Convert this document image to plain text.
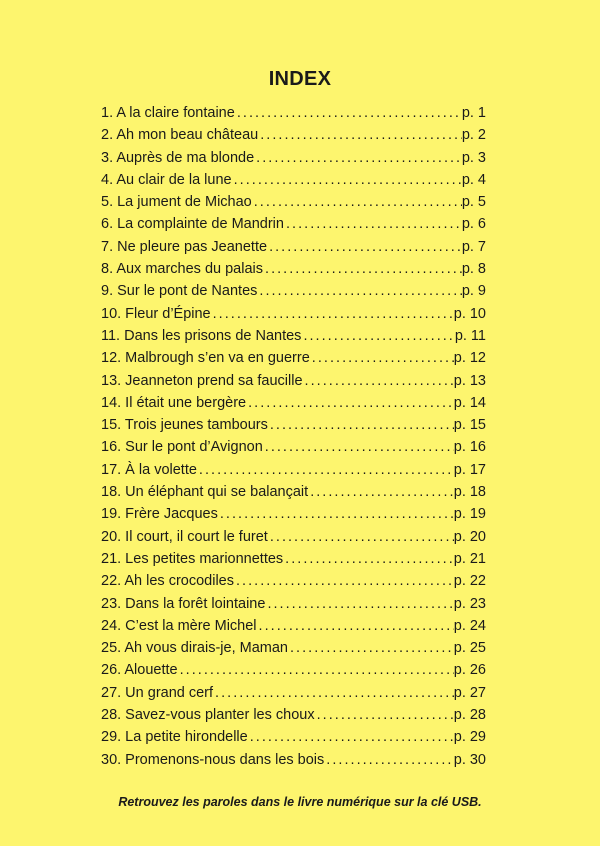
INDEX
1. A la claire fontaine . . .	p. 1
2. Ah mon beau château . . .	p. 2
3. Auprès de ma blonde . . .	p. 3
4. Au clair de la lune . . .	p. 4
5. La jument de Michao . . .	p. 5
6. La complainte de Mandrin . . .	p. 6
7. Ne pleure pas Jeanette . . .	p. 7
8. Aux marches du palais . . .	p. 8
9. Sur le pont de Nantes . . .	p. 9
10. Fleur d’Épine . . .	p. 10
11. Dans les prisons de Nantes . . .	p. 11
12. Malbrough s’en va en guerre . . .	p. 12
13. Jeanneton prend sa faucille . . .	p. 13
14. Il était une bergère . . .	p. 14
15. Trois jeunes tambours . . .	p. 15
16. Sur le pont d’Avignon . . .	p. 16
17. À la volette . . .	p. 17
18. Un éléphant qui se balançait . . .	p. 18
19. Frère Jacques . . .	p. 19
20. Il court, il court le furet . . .	p. 20
21. Les petites marionnettes . . .	p. 21
22. Ah les crocodiles . . .	p. 22
23. Dans la forêt lointaine . . .	p. 23
24. C’est la mère Michel . . .	p. 24
25. Ah vous dirais-je, Maman . . .	p. 25
26. Alouette . . .	p. 26
27. Un grand cerf . . .	p. 27
28. Savez-vous planter les choux . . .	p. 28
29. La petite hirondelle . . .	p. 29
30. Promenons-nous dans les bois . . .	p. 30
Retrouvez les paroles dans le livre numérique sur la clé USB.
